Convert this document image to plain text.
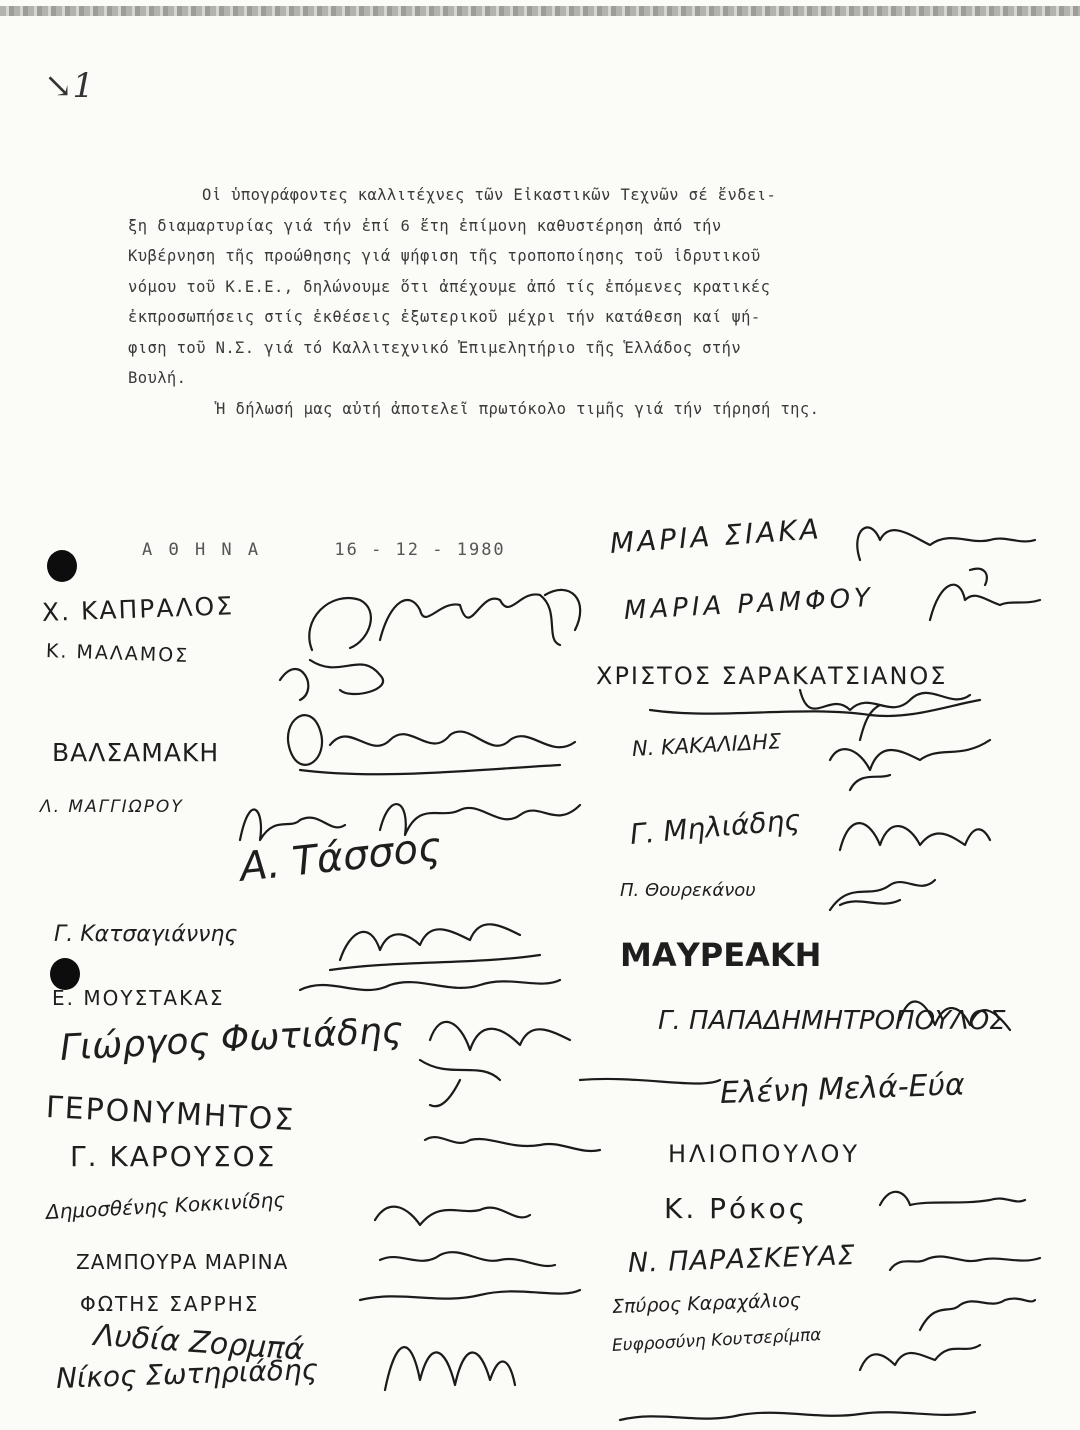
↘1
Οἱ ὑπογράφοντες καλλιτέχνες τῶν Εἰκαστικῶν Τεχνῶν σέ ἔνδει-
ξη διαμαρτυρίας γιά τήν ἐπί 6 ἔτη ἐπίμονη καθυστέρηση ἀπό τήν
Κυβέρνηση τῆς προώθησης γιά ψήφιση τῆς τροποποίησης τοῦ ἱδρυτικοῦ
νόμου τοῦ Κ.Ε.Ε., δηλώνουμε ὅτι ἀπέχουμε ἀπό τίς ἐπόμενες κρατικές
ἐκπροσωπήσεις στίς ἐκθέσεις ἐξωτερικοῦ μέχρι τήν κατάθεση καί ψή-
φιση τοῦ Ν.Σ. γιά τό Καλλιτεχνικό Ἐπιμελητήριο τῆς Ἑλλάδος στήν
Βουλή.
Ἡ δήλωσή μας αὐτή ἀποτελεῖ πρωτόκολο τιμῆς γιά τήν τήρησή της.
Α Θ Η Ν Α	16 - 12 - 1980
Χ. ΚΑΠΡΑΛΟΣ
Κ. ΜΑΛΑΜΟΣ
ΒΑΛΣΑΜΑΚΗ
Λ. ΜΑΓΓΙΩΡΟΥ
Α. Τάσσος
Γ. Κατσαγιάννης
Ε. ΜΟΥΣΤΑΚΑΣ
Γιώργος Φωτιάδης
ΓΕΡΟΝΥΜΗΤΟΣ
Γ. ΚΑΡΟΥΣΟΣ
Δημοσθένης Κοκκινίδης
ΖΑΜΠΟΥΡΑ ΜΑΡΙΝΑ
ΦΩΤΗΣ ΣΑΡΡΗΣ
Λυδία Ζορμπά
Νίκος Σωτηριάδης
ΜΑΡΙΑ ΣΙΑΚΑ
ΜΑΡΙΑ ΡΑΜΦΟΥ
ΧΡΙΣΤΟΣ ΣΑΡΑΚΑΤΣΙΑΝΟΣ
Ν. ΚΑΚΑΛΙΔΗΣ
Γ. Μηλιάδης
Π. Θουρεκάνου
ΜΑΥΡΕΑΚΗ
Γ. ΠΑΠΑΔΗΜΗΤΡΟΠΟΥΛΟΣ
Ελένη Μελά-Εύα
ΗΛΙΟΠΟΥΛΟΥ
Κ. Ρόκος
Ν. ΠΑΡΑΣΚΕΥΑΣ
Σπύρος Καραχάλιος
Ευφροσύνη Κουτσερίμπα
